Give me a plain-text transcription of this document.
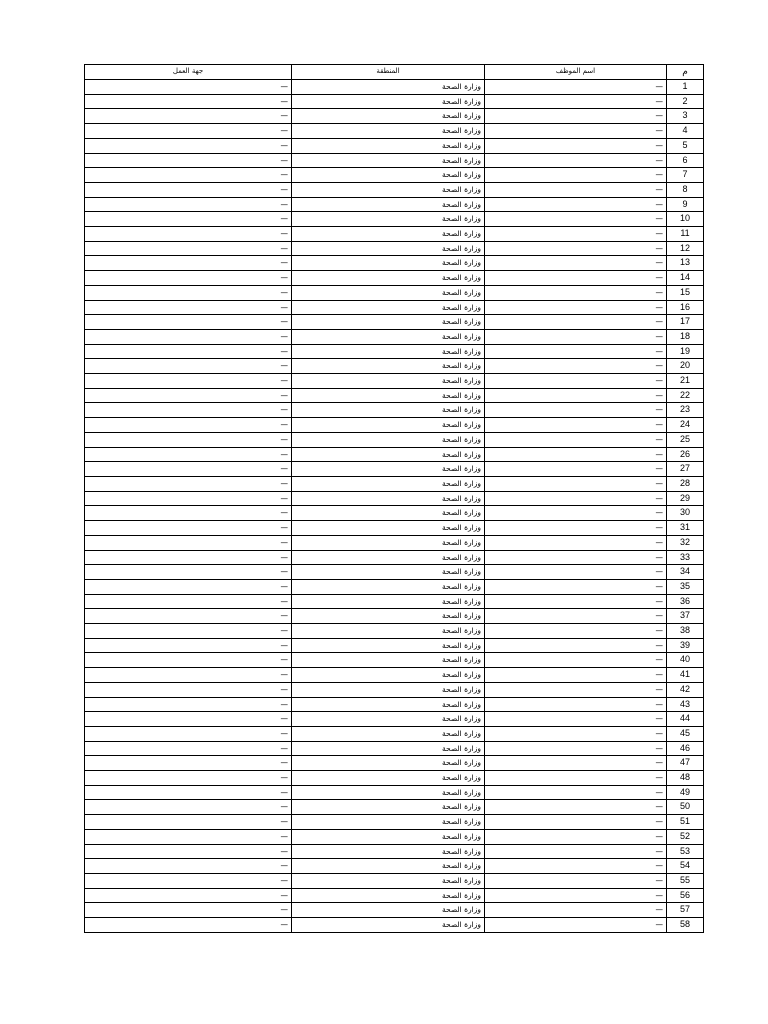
م	اسم الموظف	المنطقة	جهة العمل
1	—	وزارة الصحة	—
2	—	وزارة الصحة	—
3	—	وزارة الصحة	—
4	—	وزارة الصحة	—
5	—	وزارة الصحة	—
6	—	وزارة الصحة	—
7	—	وزارة الصحة	—
8	—	وزارة الصحة	—
9	—	وزارة الصحة	—
10	—	وزارة الصحة	—
11	—	وزارة الصحة	—
12	—	وزارة الصحة	—
13	—	وزارة الصحة	—
14	—	وزارة الصحة	—
15	—	وزارة الصحة	—
16	—	وزارة الصحة	—
17	—	وزارة الصحة	—
18	—	وزارة الصحة	—
19	—	وزارة الصحة	—
20	—	وزارة الصحة	—
21	—	وزارة الصحة	—
22	—	وزارة الصحة	—
23	—	وزارة الصحة	—
24	—	وزارة الصحة	—
25	—	وزارة الصحة	—
26	—	وزارة الصحة	—
27	—	وزارة الصحة	—
28	—	وزارة الصحة	—
29	—	وزارة الصحة	—
30	—	وزارة الصحة	—
31	—	وزارة الصحة	—
32	—	وزارة الصحة	—
33	—	وزارة الصحة	—
34	—	وزارة الصحة	—
35	—	وزارة الصحة	—
36	—	وزارة الصحة	—
37	—	وزارة الصحة	—
38	—	وزارة الصحة	—
39	—	وزارة الصحة	—
40	—	وزارة الصحة	—
41	—	وزارة الصحة	—
42	—	وزارة الصحة	—
43	—	وزارة الصحة	—
44	—	وزارة الصحة	—
45	—	وزارة الصحة	—
46	—	وزارة الصحة	—
47	—	وزارة الصحة	—
48	—	وزارة الصحة	—
49	—	وزارة الصحة	—
50	—	وزارة الصحة	—
51	—	وزارة الصحة	—
52	—	وزارة الصحة	—
53	—	وزارة الصحة	—
54	—	وزارة الصحة	—
55	—	وزارة الصحة	—
56	—	وزارة الصحة	—
57	—	وزارة الصحة	—
58	—	وزارة الصحة	—
